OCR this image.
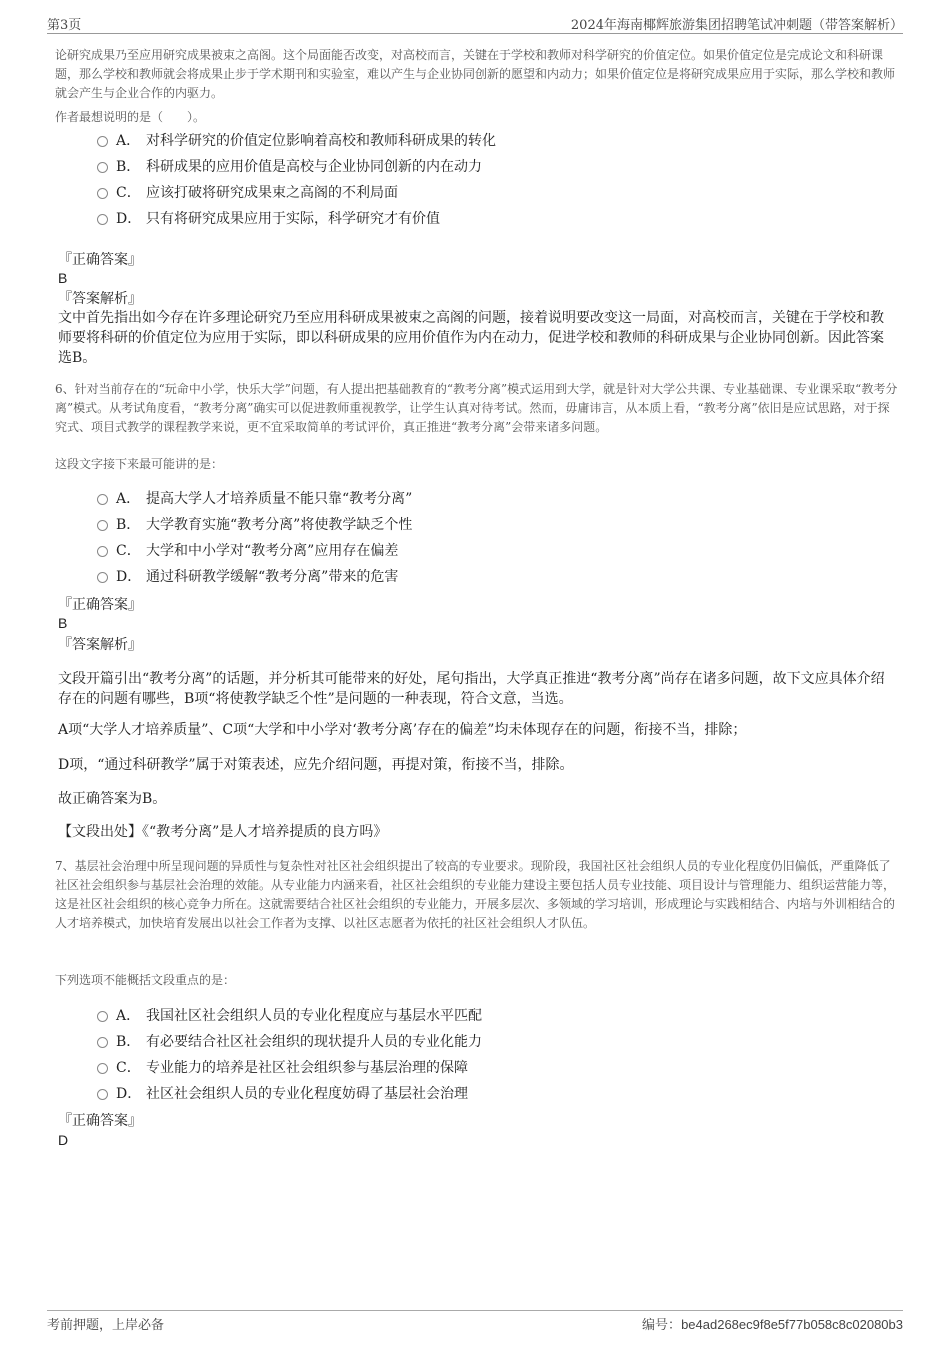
第3页	2024年海南椰辉旅游集团招聘笔试冲刺题（带答案解析）

论研究成果乃至应用研究成果被束之高阁。这个局面能否改变，对高校而言，关键在于学校和教师对科学研究的价值定位。如果价值定位是完成论文和科研课题，那么学校和教师就会将成果止步于学术期刊和实验室，难以产生与企业协同创新的愿望和内动力；如果价值定位是将研究成果应用于实际，那么学校和教师就会产生与企业合作的内驱力。

作者最想说明的是（　　）。

A． 对科学研究的价值定位影响着高校和教师科研成果的转化
B． 科研成果的应用价值是高校与企业协同创新的内在动力
C． 应该打破将研究成果束之高阁的不利局面
D． 只有将研究成果应用于实际，科学研究才有价值
『正确答案』
B
『答案解析』

文中首先指出如今存在许多理论研究乃至应用科研成果被束之高阁的问题，接着说明要改变这一局面，对高校而言，关键在于学校和教师要将科研的价值定位为应用于实际，即以科研成果的应用价值作为内在动力，促进学校和教师的科研成果与企业协同创新。因此答案选B。

6、针对当前存在的“玩命中小学，快乐大学”问题，有人提出把基础教育的“教考分离”模式运用到大学，就是针对大学公共课、专业基础课、专业课采取“教考分离”模式。从考试角度看，“教考分离”确实可以促进教师重视教学，让学生认真对待考试。然而，毋庸讳言，从本质上看，“教考分离”依旧是应试思路，对于探究式、项目式教学的课程教学来说，更不宜采取简单的考试评价，真正推进“教考分离”会带来诸多问题。

这段文字接下来最可能讲的是：

A． 提高大学人才培养质量不能只靠“教考分离”
B． 大学教育实施“教考分离”将使教学缺乏个性
C． 大学和中小学对“教考分离”应用存在偏差
D． 通过科研教学缓解“教考分离”带来的危害
『正确答案』
B
『答案解析』

文段开篇引出“教考分离”的话题，并分析其可能带来的好处，尾句指出，大学真正推进“教考分离”尚存在诸多问题，故下文应具体介绍存在的问题有哪些，B项“将使教学缺乏个性”是问题的一种表现，符合文意，当选。

A项“大学人才培养质量”、C项“大学和中小学对‘教考分离’存在的偏差”均未体现存在的问题，衔接不当，排除；

D项，“通过科研教学”属于对策表述，应先介绍问题，再提对策，衔接不当，排除。

故正确答案为B。

【文段出处】《“教考分离”是人才培养提质的良方吗》

7、基层社会治理中所呈现问题的异质性与复杂性对社区社会组织提出了较高的专业要求。现阶段，我国社区社会组织人员的专业化程度仍旧偏低，严重降低了社区社会组织参与基层社会治理的效能。从专业能力内涵来看，社区社会组织的专业能力建设主要包括人员专业技能、项目设计与管理能力、组织运营能力等，这是社区社会组织的核心竞争力所在。这就需要结合社区社会组织的专业能力，开展多层次、多领域的学习培训，形成理论与实践相结合、内培与外训相结合的人才培养模式，加快培育发展出以社会工作者为支撑、以社区志愿者为依托的社区社会组织人才队伍。

下列选项不能概括文段重点的是：

A． 我国社区社会组织人员的专业化程度应与基层水平匹配
B． 有必要结合社区社会组织的现状提升人员的专业化能力
C． 专业能力的培养是社区社会组织参与基层治理的保障
D． 社区社会组织人员的专业化程度妨碍了基层社会治理
『正确答案』
D
考前押题，上岸必备	编号：be4ad268ec9f8e5f77b058c8c02080b3
